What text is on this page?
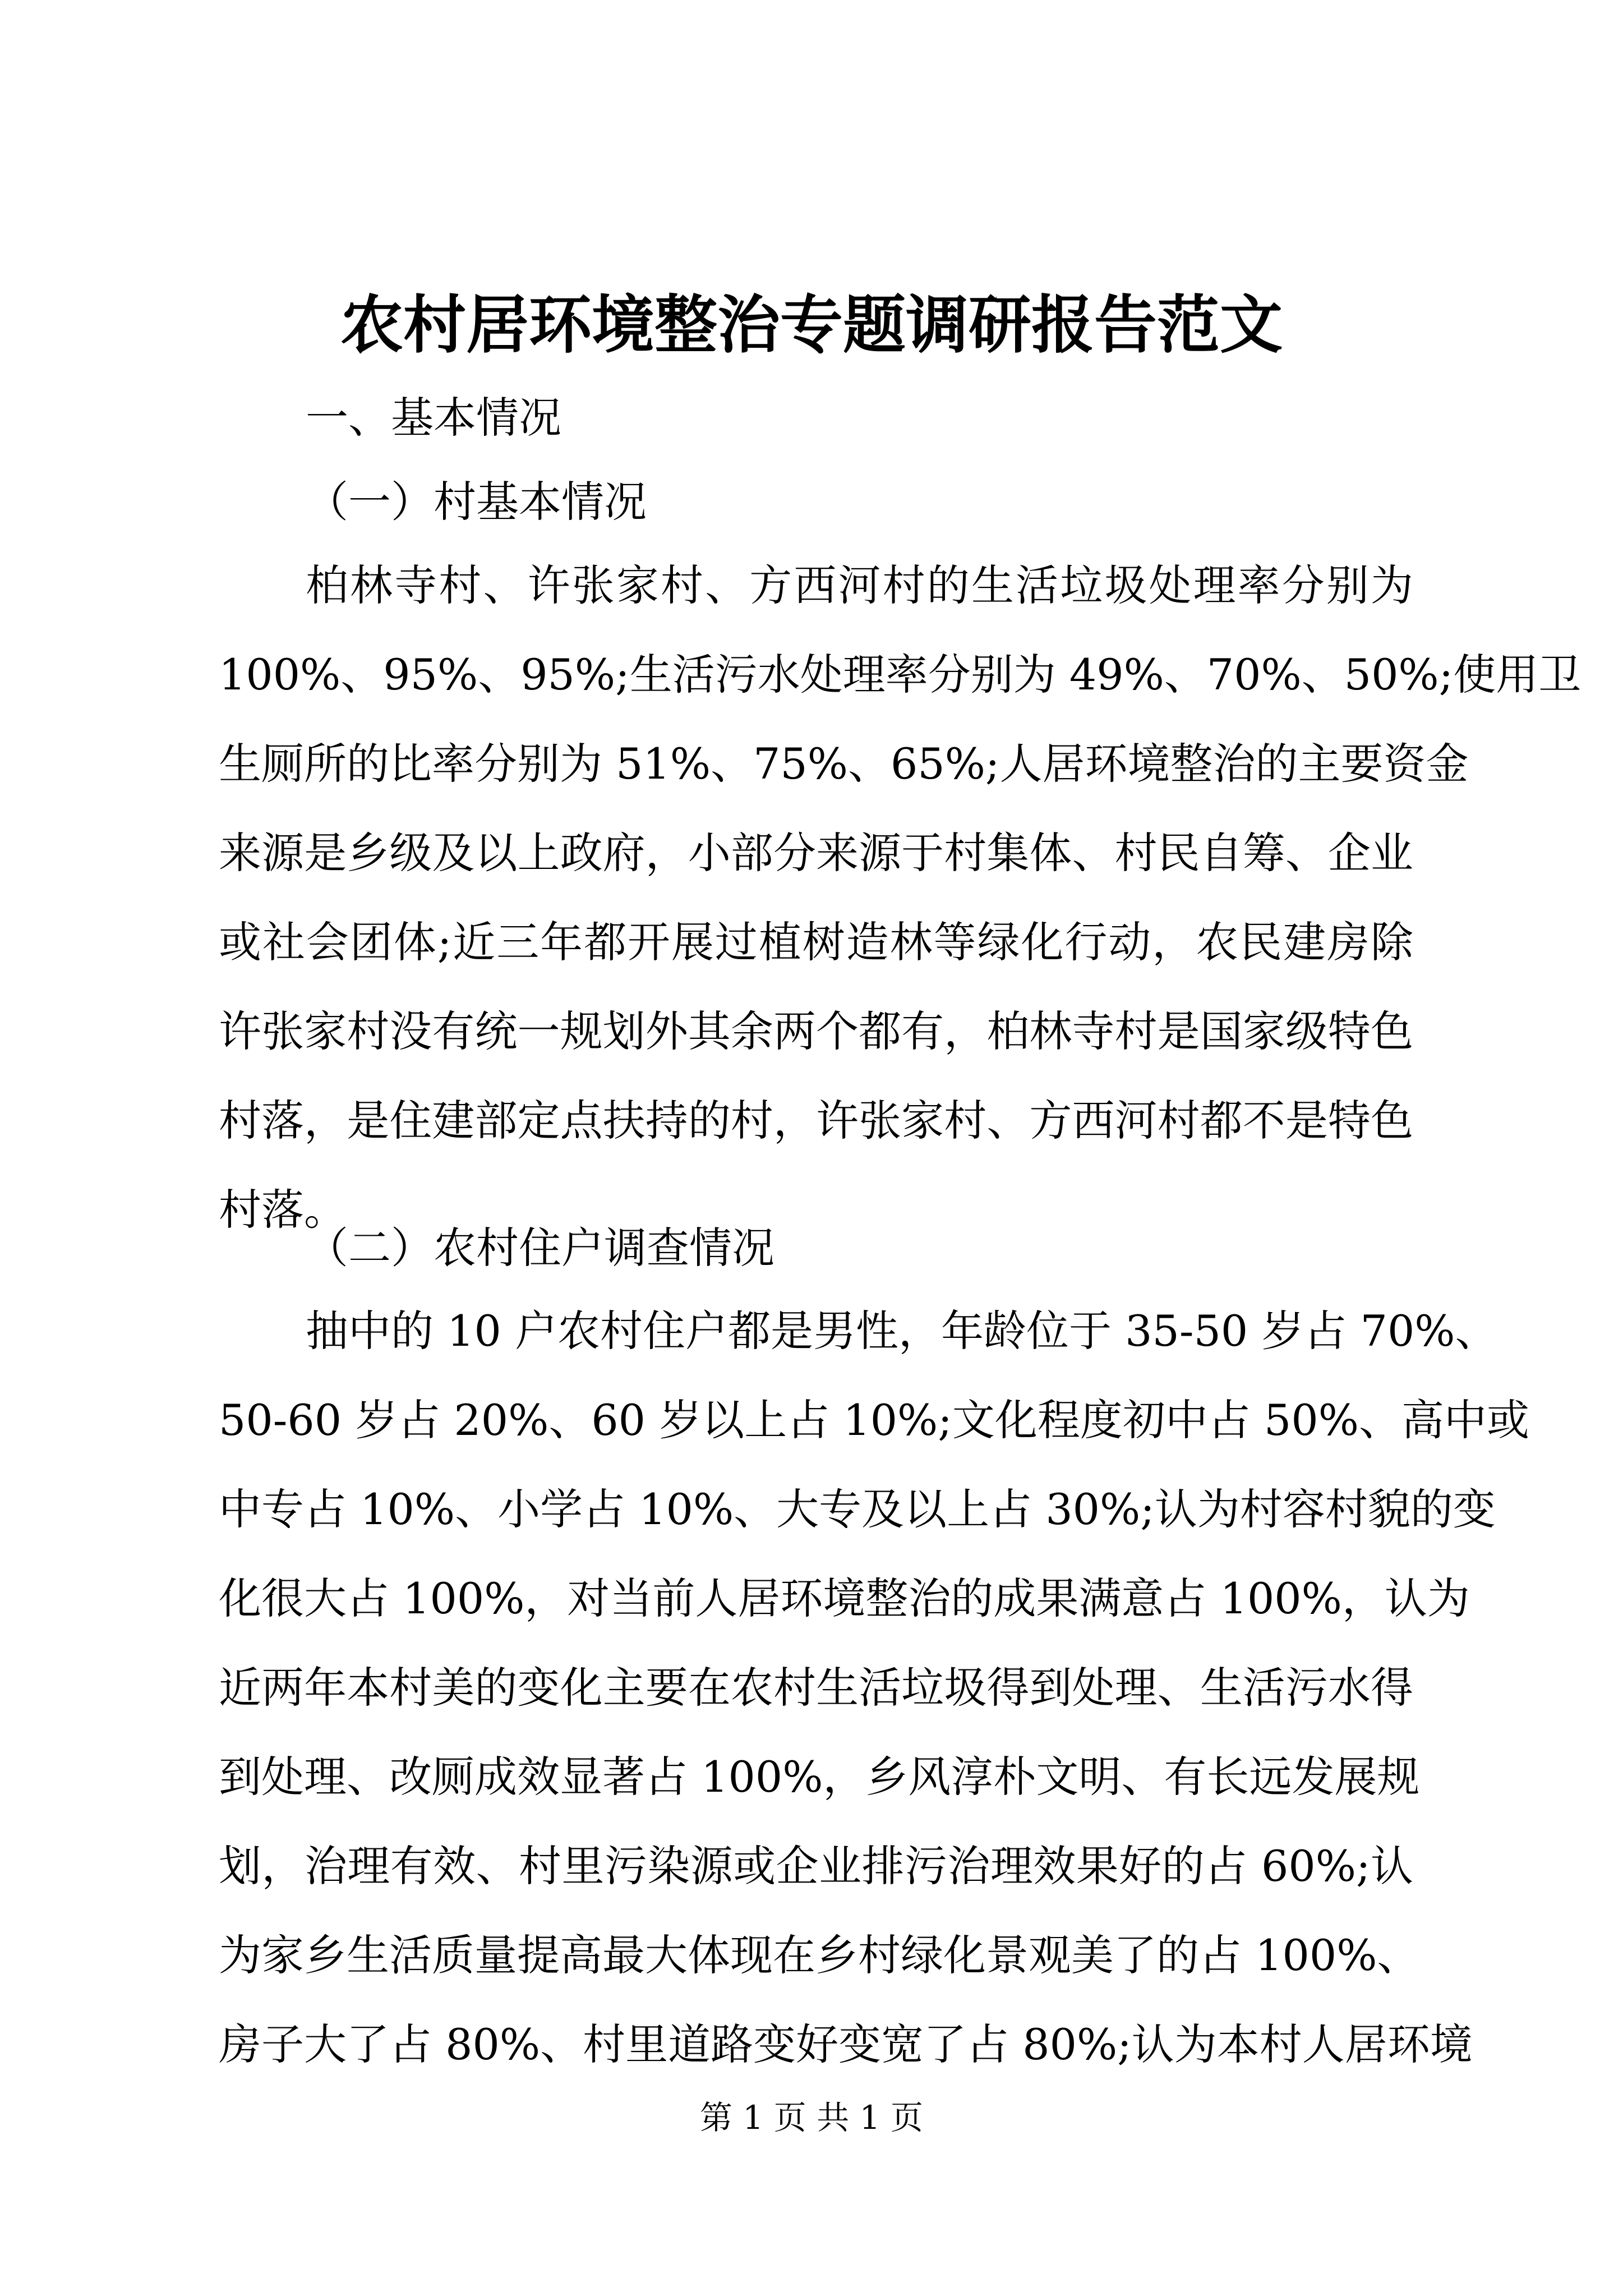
农村居环境整治专题调研报告范文

一、基本情况

（一）村基本情况

柏林寺村、许张家村、方西河村的生活垃圾处理率分别为
100%、95%、95%;生活污水处理率分别为 49%、70%、50%;使用卫
生厕所的比率分别为 51%、75%、65%;人居环境整治的主要资金
来源是乡级及以上政府，小部分来源于村集体、村民自筹、企业
或社会团体;近三年都开展过植树造林等绿化行动，农民建房除
许张家村没有统一规划外其余两个都有，柏林寺村是国家级特色
村落，是住建部定点扶持的村，许张家村、方西河村都不是特色
村落。

（二）农村住户调查情况

抽中的 10 户农村住户都是男性，年龄位于 35-50 岁占 70%、
50-60 岁占 20%、60 岁以上占 10%;文化程度初中占 50%、高中或
中专占 10%、小学占 10%、大专及以上占 30%;认为村容村貌的变
化很大占 100%，对当前人居环境整治的成果满意占 100%，认为
近两年本村美的变化主要在农村生活垃圾得到处理、生活污水得
到处理、改厕成效显著占 100%，乡风淳朴文明、有长远发展规
划，治理有效、村里污染源或企业排污治理效果好的占 60%;认
为家乡生活质量提高最大体现在乡村绿化景观美了的占 100%、
房子大了占 80%、村里道路变好变宽了占 80%;认为本村人居环境

第 1 页 共 1 页
